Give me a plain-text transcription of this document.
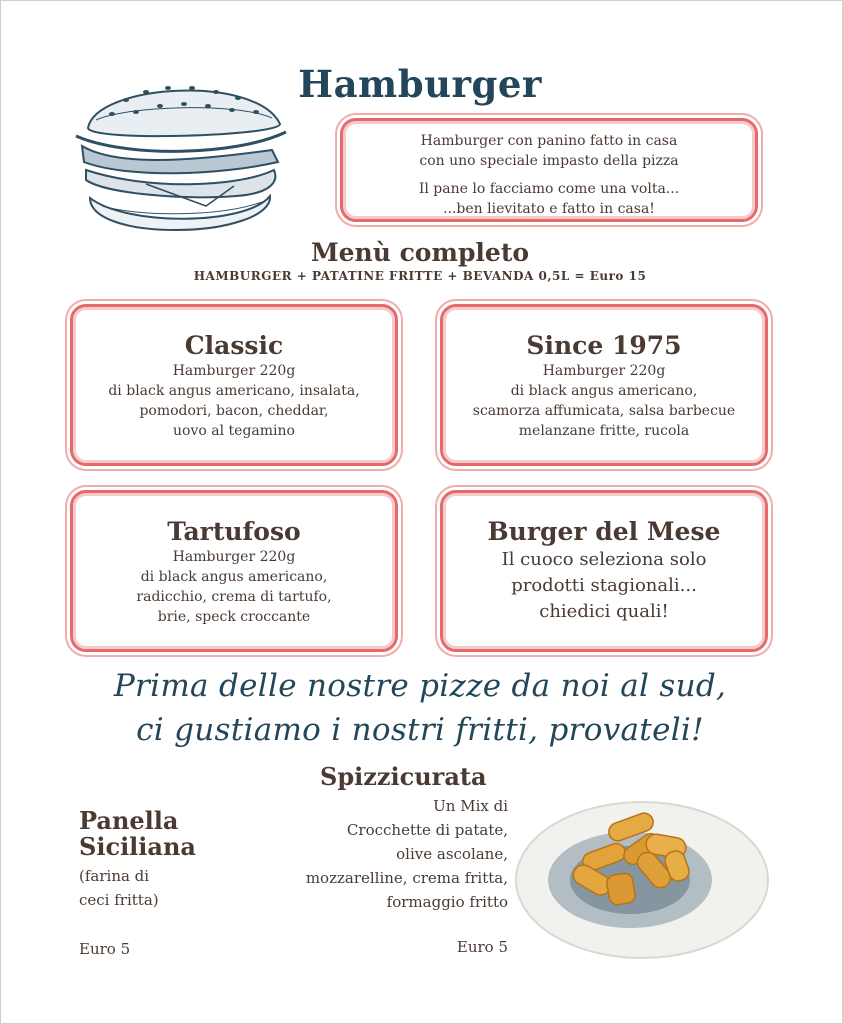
Hamburger

Hamburger con panino fatto in casa

con uno speciale impasto della pizza

Il pane lo facciamo come una volta...

...ben lievitato e fatto in casa!

Menù completo
HAMBURGER + PATATINE FRITTE + BEVANDA 0,5L = Euro 15
Classic
Hamburger 220g
di black angus americano, insalata,
pomodori, bacon, cheddar,
uovo al tegamino
Since 1975
Hamburger 220g
di black angus americano,
scamorza affumicata, salsa barbecue
melanzane fritte, rucola
Tartufoso
Hamburger 220g
di black angus americano,
radicchio, crema di tartufo,
brie, speck croccante
Burger del Mese
Il cuoco seleziona solo
prodotti stagionali...
chiedici quali!
Prima delle nostre pizze da noi al sud,
ci gustiamo i nostri fritti, provateli!
Spizzicurata
Un Mix di
Crocchette di patate,
olive ascolane,
mozzarelline, crema fritta,
formaggio fritto
Euro 5
Panella
Siciliana
(farina di
ceci fritta)
Euro 5
